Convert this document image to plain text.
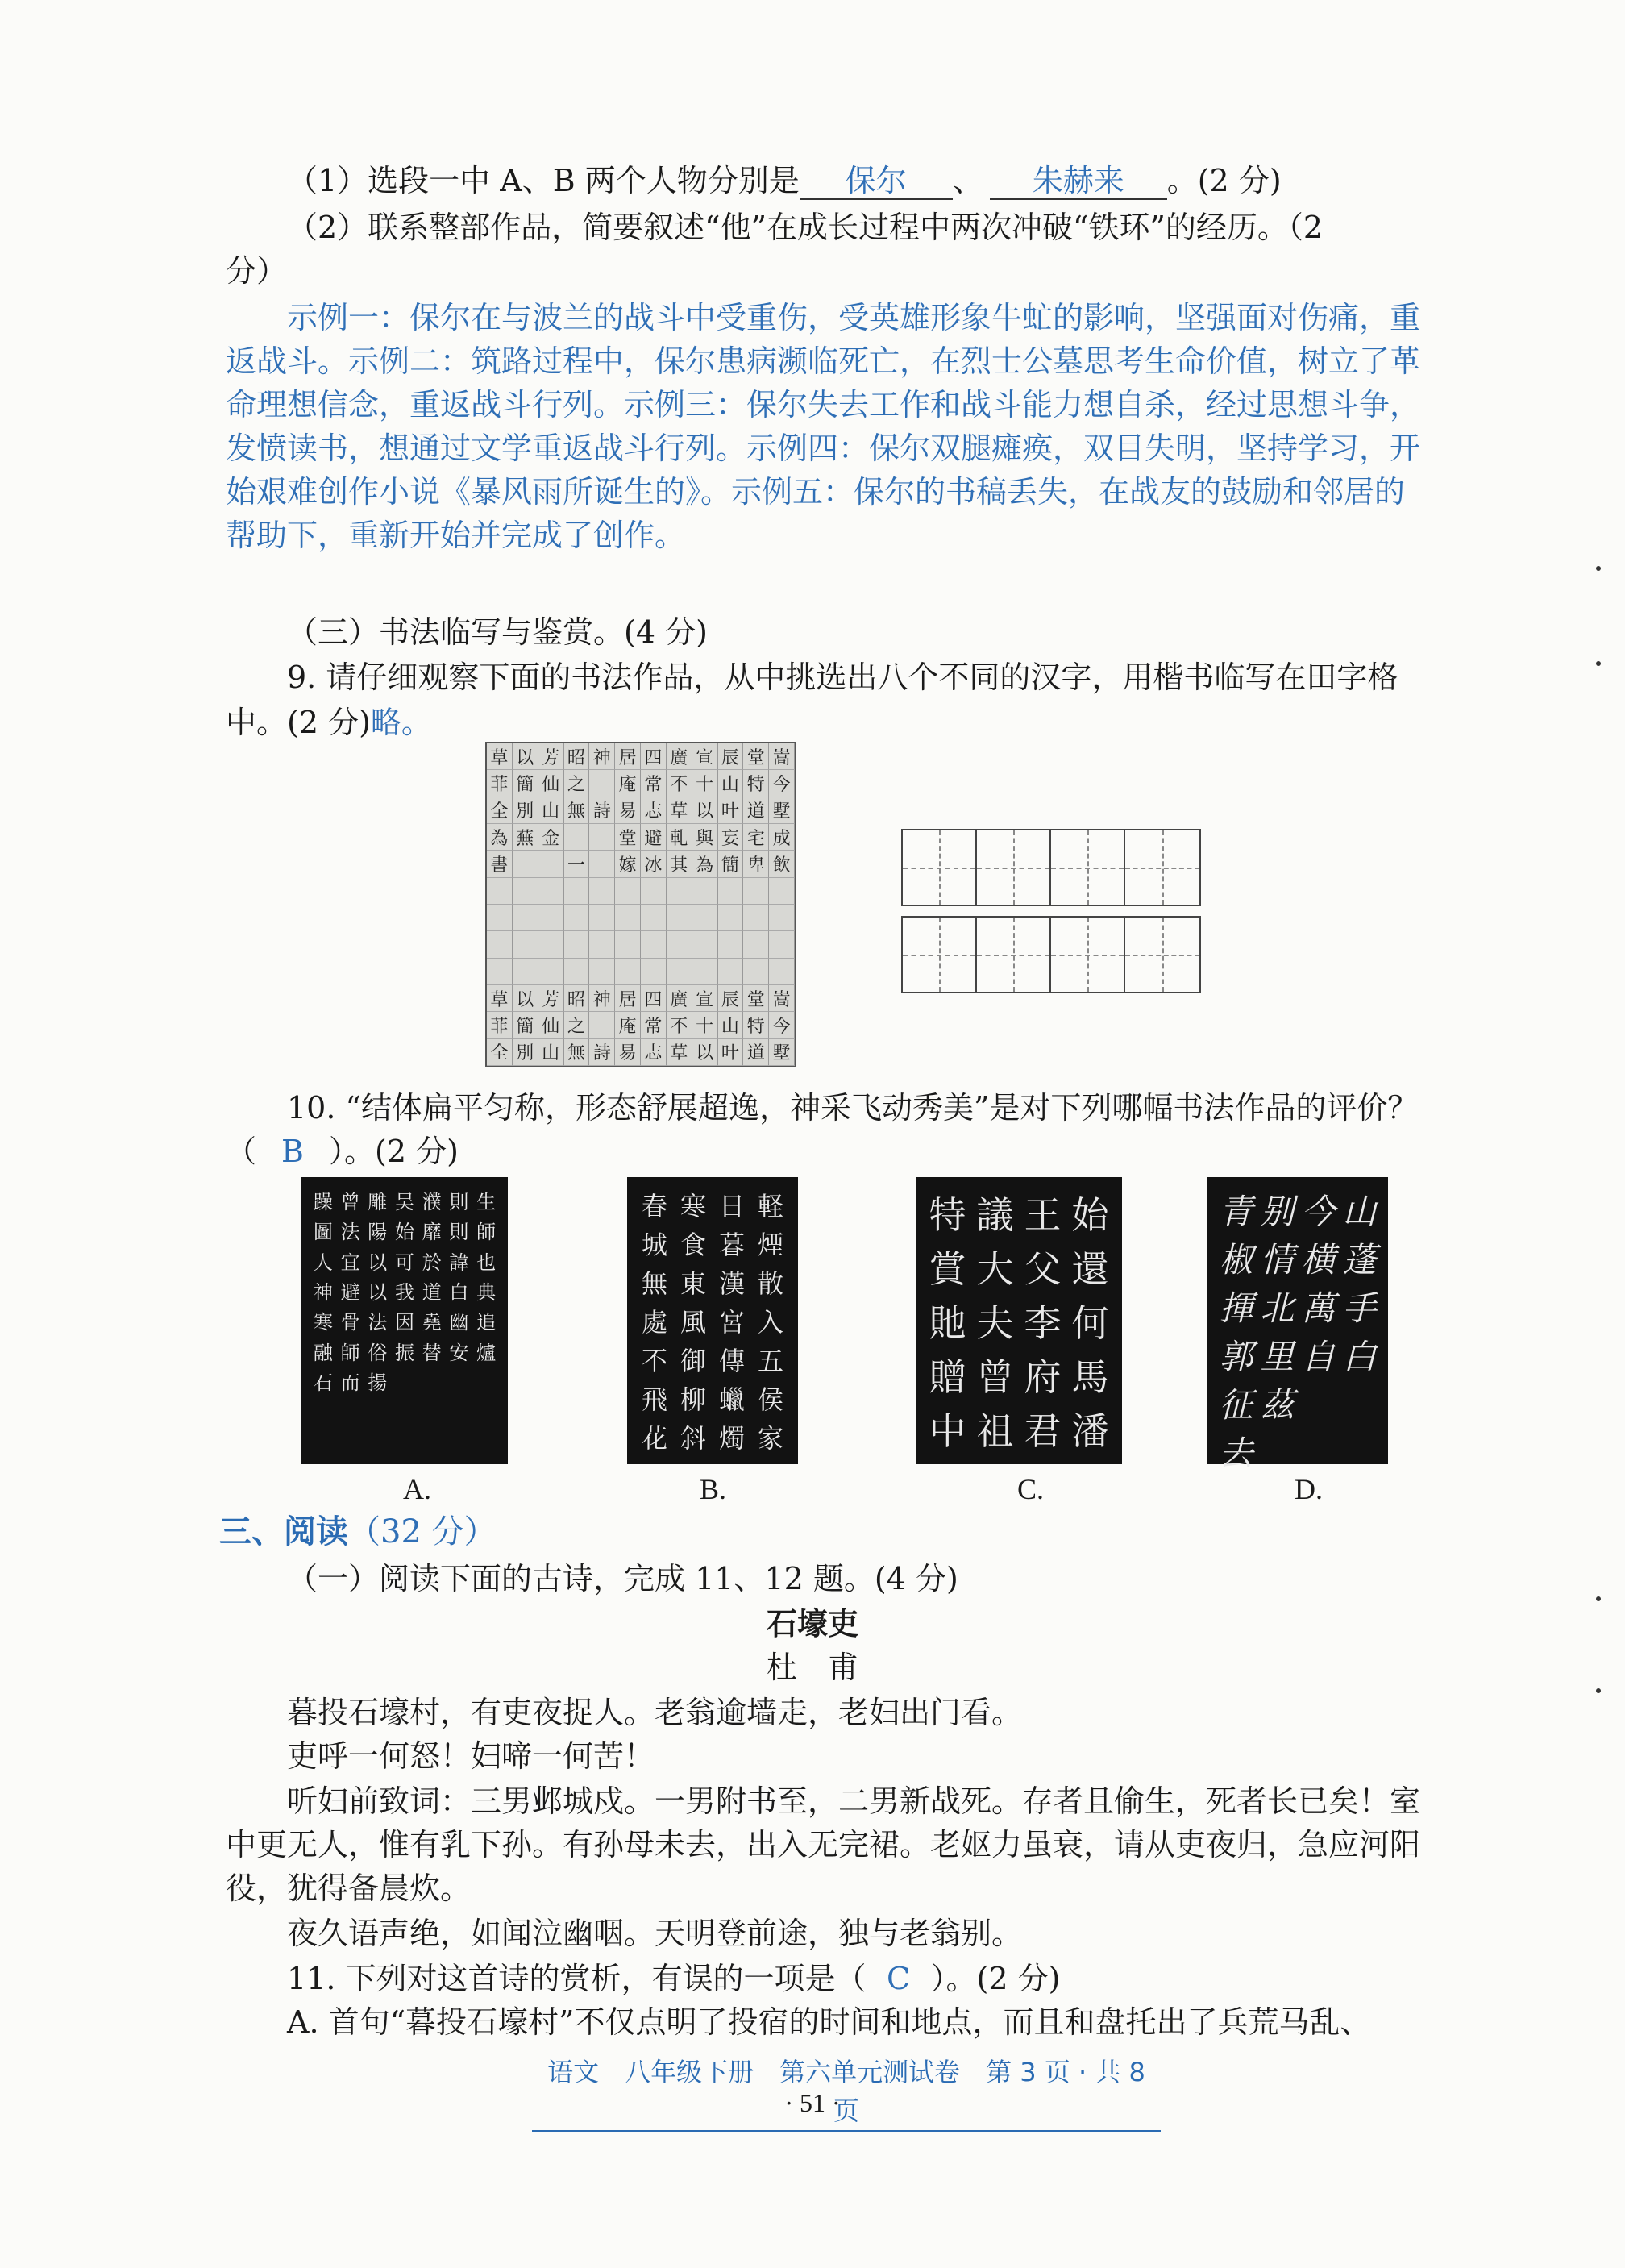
（1）选段一中 A、B 两个人物分别是 保尔 、 朱赫来 。(2 分)
（2）联系整部作品，简要叙述“他”在成长过程中两次冲破“铁环”的经历。（2
分）
示例一：保尔在与波兰的战斗中受重伤，受英雄形象牛虻的影响，坚强面对伤痛，重
返战斗。示例二：筑路过程中，保尔患病濒临死亡，在烈士公墓思考生命价值，树立了革
命理想信念，重返战斗行列。示例三：保尔失去工作和战斗能力想自杀，经过思想斗争，
发愤读书，想通过文学重返战斗行列。示例四：保尔双腿瘫痪，双目失明，坚持学习，开
始艰难创作小说《暴风雨所诞生的》。示例五：保尔的书稿丢失，在战友的鼓励和邻居的
帮助下，重新开始并完成了创作。
（三）书法临写与鉴赏。(4 分)
9. 请仔细观察下面的书法作品，从中挑选出八个不同的汉字，用楷书临写在田字格
中。(2 分)略。
草 以 芳 昭 神 居 四 廣 宣 辰 堂 嵩
菲 簡 仙 之 庵 常 不 十 山 特 今
全 別 山 無 詩 易 志 草 以 叶 道 墅
為 蕪 金	堂 避 軋 與 妄 宅 成
書	一 嫁 冰 其 為 簡 卑 飲
草 以 芳 昭 神 居 四 廣 宣 辰 堂 嵩
菲 簡 仙 之 庵 常 不 十 山 特 今
全 別 山 無 詩 易 志 草 以 叶 道 墅
10. “结体扁平匀称，形态舒展超逸，神采飞动秀美”是对下列哪幅书法作品的评价？
（ B ）。(2 分)
躁 曾 雕 吴 濮 則 生
圖 法 陽 始 靡 則 師
人 宜 以 可 於 諱 也
神 避 以 我 道 白 典
寒 骨 法 因 堯 幽 追
融 師 俗 振 替 安 爐
石 而 揚
春 寒 日 軽
城 食 暮 煙
無 東 漢 散
處 風 宮 入
不 御 傳 五
飛 柳 蠟 侯
花 斜 燭 家
特 議 王 始
賞 大 父 還
貤 夫 李 何
贈 曾 府 馬
中 祖 君 潘
青 别 今 山
椒 情 横 蓬
揮 北 萬 手
郭 里 自 白
征 茲
去
A.	B.	C.	D.
三、阅读（32 分）
（一）阅读下面的古诗，完成 11、12 题。(4 分)
石壕吏
杜　甫
暮投石壕村，有吏夜捉人。老翁逾墙走，老妇出门看。
吏呼一何怒！妇啼一何苦！
听妇前致词：三男邺城戍。一男附书至，二男新战死。存者且偷生，死者长已矣！室
中更无人，惟有乳下孙。有孙母未去，出入无完裙。老妪力虽衰，请从吏夜归，急应河阳
役，犹得备晨炊。
夜久语声绝，如闻泣幽咽。天明登前途，独与老翁别。
11. 下列对这首诗的赏析，有误的一项是（ C ）。(2 分)
A. 首句“暮投石壕村”不仅点明了投宿的时间和地点，而且和盘托出了兵荒马乱、
语文　八年级下册　第六单元测试卷　第 3 页 · 共 8 页
· 51 ·
